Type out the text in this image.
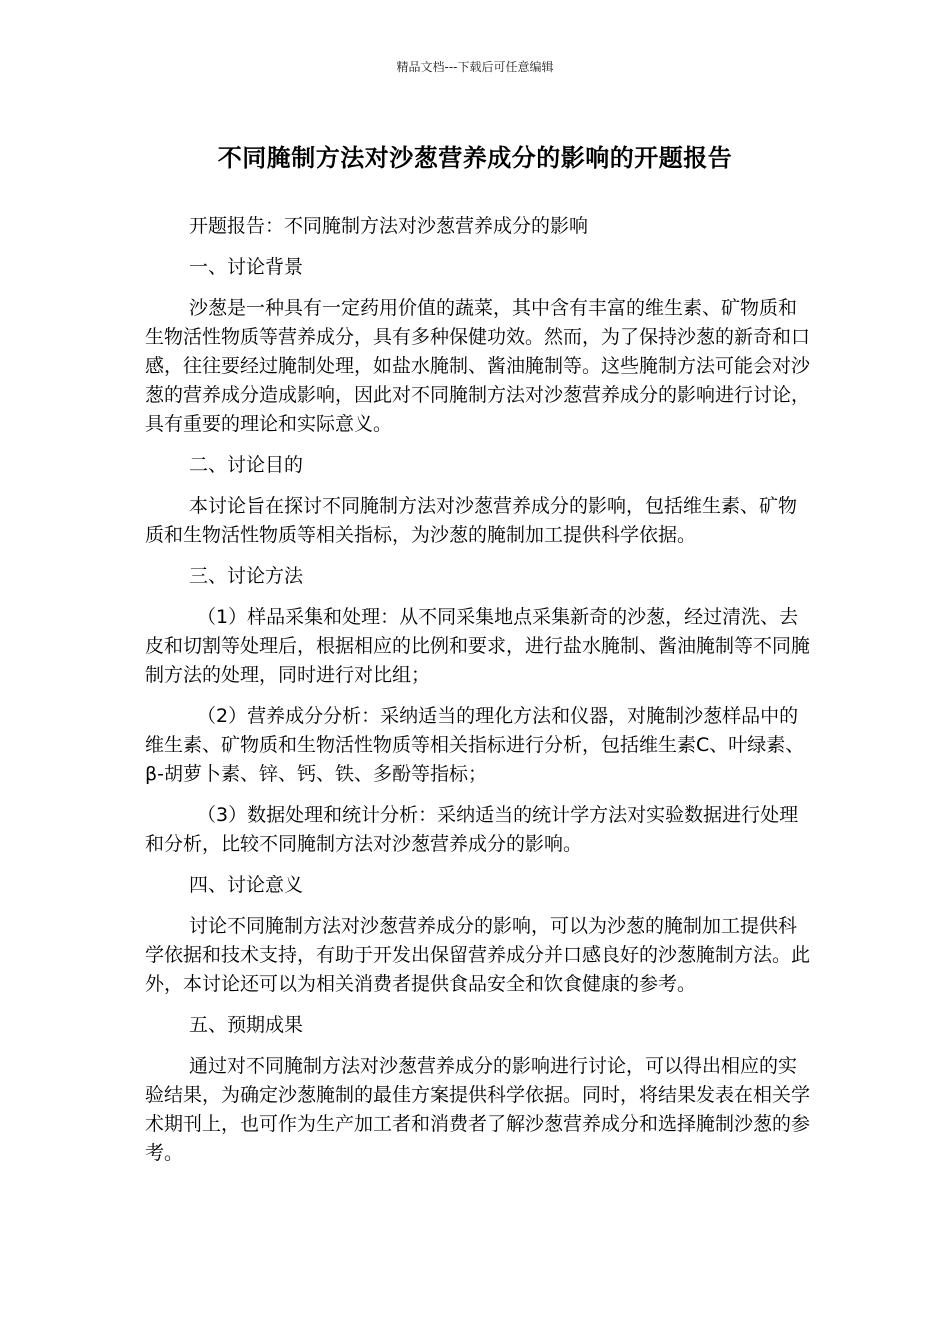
精品文档---下载后可任意编辑
不同腌制方法对沙葱营养成分的影响的开题报告

开题报告：不同腌制方法对沙葱营养成分的影响

一、讨论背景

沙葱是一种具有一定药用价值的蔬菜，其中含有丰富的维生素、矿物质和生物活性物质等营养成分，具有多种保健功效。然而，为了保持沙葱的新奇和口感，往往要经过腌制处理，如盐水腌制、酱油腌制等。这些腌制方法可能会对沙葱的营养成分造成影响，因此对不同腌制方法对沙葱营养成分的影响进行讨论，具有重要的理论和实际意义。

二、讨论目的

本讨论旨在探讨不同腌制方法对沙葱营养成分的影响，包括维生素、矿物质和生物活性物质等相关指标，为沙葱的腌制加工提供科学依据。

三、讨论方法

（1）样品采集和处理：从不同采集地点采集新奇的沙葱，经过清洗、去皮和切割等处理后，根据相应的比例和要求，进行盐水腌制、酱油腌制等不同腌制方法的处理，同时进行对比组；

（2）营养成分分析：采纳适当的理化方法和仪器，对腌制沙葱样品中的维生素、矿物质和生物活性物质等相关指标进行分析，包括维生素C、叶绿素、β-胡萝卜素、锌、钙、铁、多酚等指标；

（3）数据处理和统计分析：采纳适当的统计学方法对实验数据进行处理和分析，比较不同腌制方法对沙葱营养成分的影响。

四、讨论意义

讨论不同腌制方法对沙葱营养成分的影响，可以为沙葱的腌制加工提供科学依据和技术支持，有助于开发出保留营养成分并口感良好的沙葱腌制方法。此外，本讨论还可以为相关消费者提供食品安全和饮食健康的参考。

五、预期成果

通过对不同腌制方法对沙葱营养成分的影响进行讨论，可以得出相应的实验结果，为确定沙葱腌制的最佳方案提供科学依据。同时，将结果发表在相关学术期刊上，也可作为生产加工者和消费者了解沙葱营养成分和选择腌制沙葱的参考。
